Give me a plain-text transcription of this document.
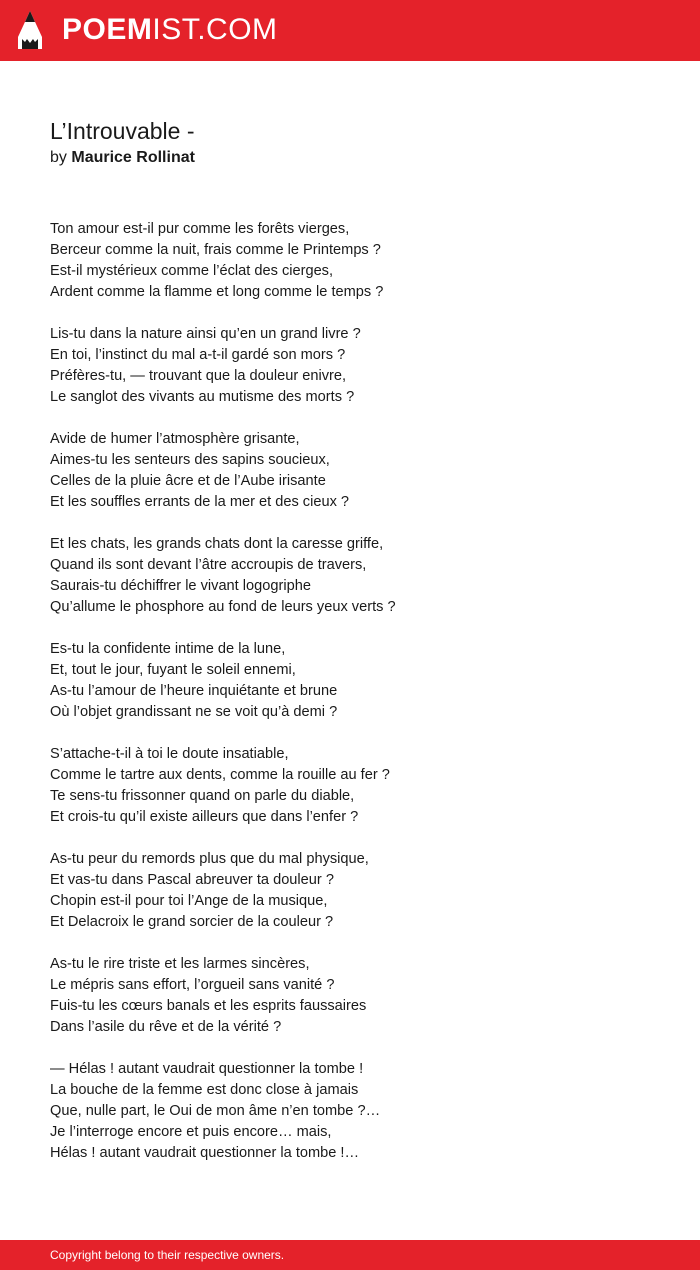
POEMIST.COM
L’Introuvable -
by Maurice Rollinat
Ton amour est-il pur comme les forêts vierges,
Berceur comme la nuit, frais comme le Printemps ?
Est-il mystérieux comme l’éclat des cierges,
Ardent comme la flamme et long comme le temps ?
Lis-tu dans la nature ainsi qu’en un grand livre ?
En toi, l’instinct du mal a-t-il gardé son mors ?
Préfères-tu, — trouvant que la douleur enivre,
Le sanglot des vivants au mutisme des morts ?
Avide de humer l’atmosphère grisante,
Aimes-tu les senteurs des sapins soucieux,
Celles de la pluie âcre et de l’Aube irisante
Et les souffles errants de la mer et des cieux ?
Et les chats, les grands chats dont la caresse griffe,
Quand ils sont devant l’âtre accroupis de travers,
Saurais-tu déchiffrer le vivant logogriphe
Qu’allume le phosphore au fond de leurs yeux verts ?
Es-tu la confidente intime de la lune,
Et, tout le jour, fuyant le soleil ennemi,
As-tu l’amour de l’heure inquiétante et brune
Où l’objet grandissant ne se voit qu’à demi ?
S’attache-t-il à toi le doute insatiable,
Comme le tartre aux dents, comme la rouille au fer ?
Te sens-tu frissonner quand on parle du diable,
Et crois-tu qu’il existe ailleurs que dans l’enfer ?
As-tu peur du remords plus que du mal physique,
Et vas-tu dans Pascal abreuver ta douleur ?
Chopin est-il pour toi l’Ange de la musique,
Et Delacroix le grand sorcier de la couleur ?
As-tu le rire triste et les larmes sincères,
Le mépris sans effort, l’orgueil sans vanité ?
Fuis-tu les cœurs banals et les esprits faussaires
Dans l’asile du rêve et de la vérité ?
— Hélas ! autant vaudrait questionner la tombe !
La bouche de la femme est donc close à jamais
Que, nulle part, le Oui de mon âme n’en tombe ?…
Je l’interroge encore et puis encore… mais,
Hélas ! autant vaudrait questionner la tombe !…
Copyright belong to their respective owners.
